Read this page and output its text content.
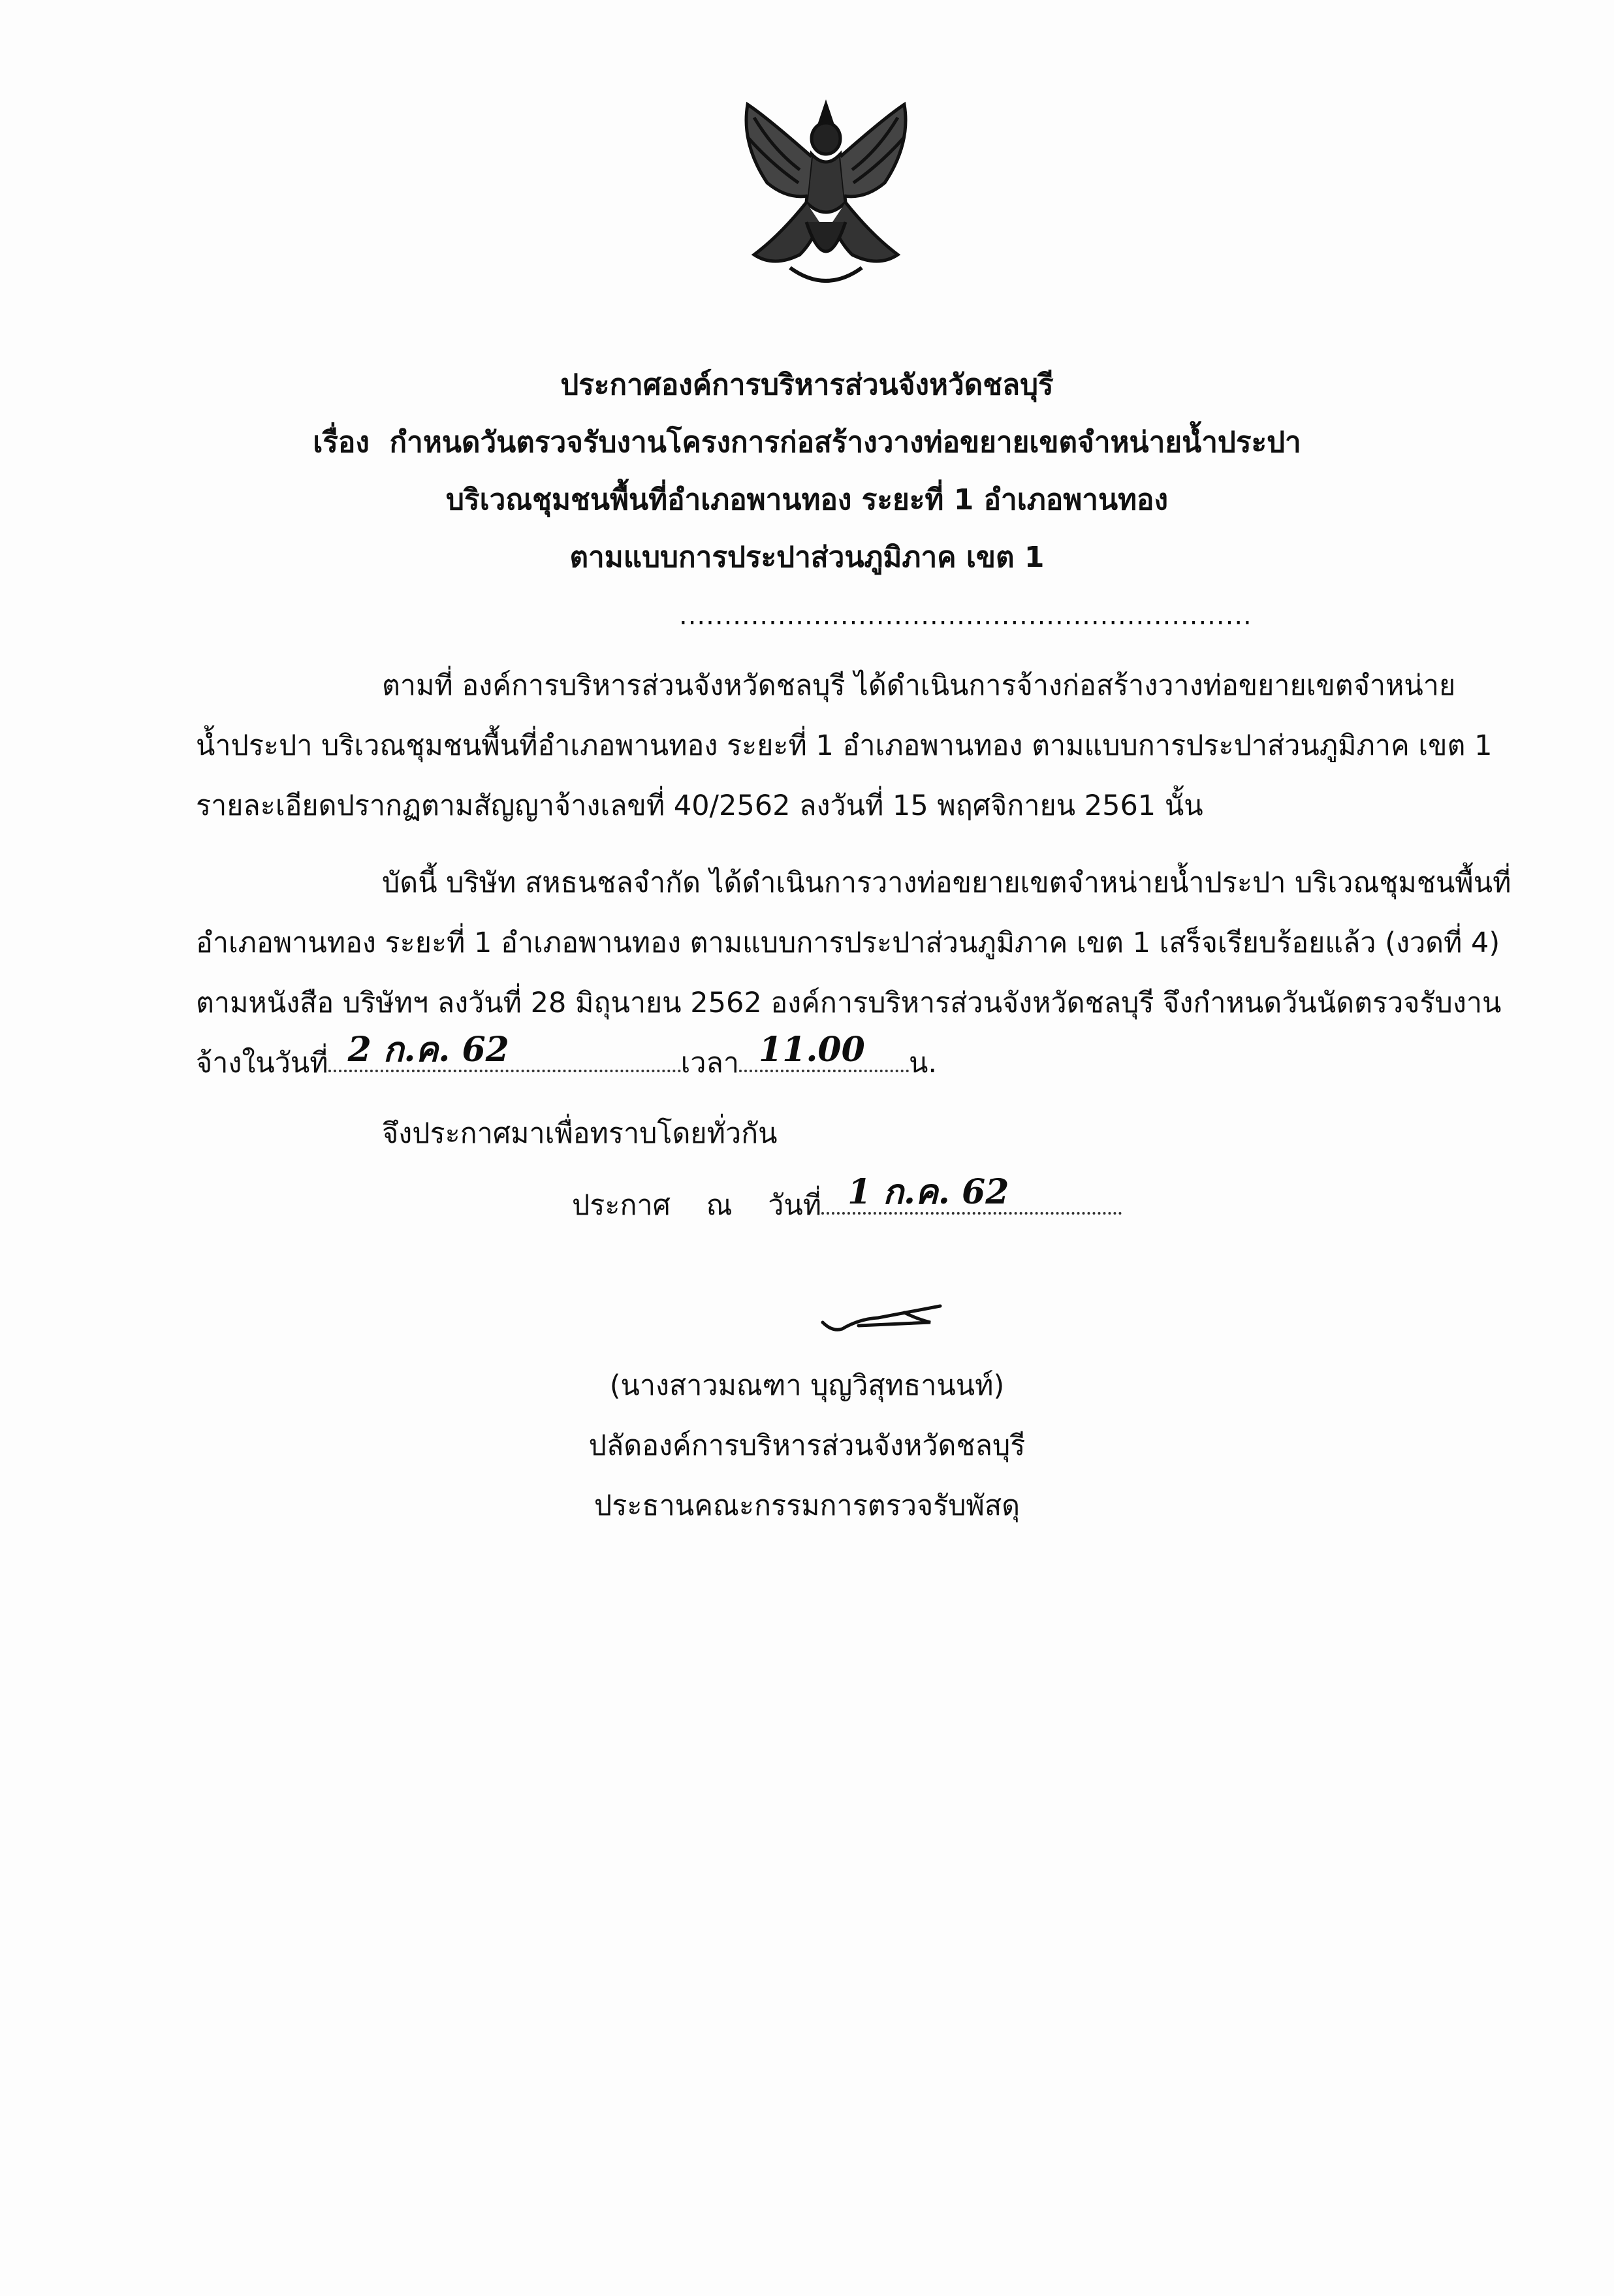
ประกาศองค์การบริหารส่วนจังหวัดชลบุรี
เรื่อง กำหนดวันตรวจรับงานโครงการก่อสร้างวางท่อขยายเขตจำหน่ายน้ำประปา
บริเวณชุมชนพื้นที่อำเภอพานทอง ระยะที่ 1 อำเภอพานทอง
ตามแบบการประปาส่วนภูมิภาค เขต 1
................................................................
ตามที่ องค์การบริหารส่วนจังหวัดชลบุรี ได้ดำเนินการจ้างก่อสร้างวางท่อขยายเขตจำหน่าย
น้ำประปา บริเวณชุมชนพื้นที่อำเภอพานทอง ระยะที่ 1 อำเภอพานทอง ตามแบบการประปาส่วนภูมิภาค เขต 1
รายละเอียดปรากฏตามสัญญาจ้างเลขที่ 40/2562 ลงวันที่ 15 พฤศจิกายน 2561 นั้น
บัดนี้ บริษัท สหธนชลจำกัด ได้ดำเนินการวางท่อขยายเขตจำหน่ายน้ำประปา บริเวณชุมชนพื้นที่
อำเภอพานทอง ระยะที่ 1 อำเภอพานทอง ตามแบบการประปาส่วนภูมิภาค เขต 1 เสร็จเรียบร้อยแล้ว (งวดที่ 4)
ตามหนังสือ บริษัทฯ ลงวันที่ 28 มิถุนายน 2562 องค์การบริหารส่วนจังหวัดชลบุรี จึงกำหนดวันนัดตรวจรับงาน
จ้างในวันที่ 2 ก.ค. 62	เวลา 11.00 น.
จึงประกาศมาเพื่อทราบโดยทั่วกัน
ประกาศ ณ วันที่ 1 ก.ค. 62
(นางสาวมณฑา บุญวิสุทธานนท์)
ปลัดองค์การบริหารส่วนจังหวัดชลบุรี
ประธานคณะกรรมการตรวจรับพัสดุ
